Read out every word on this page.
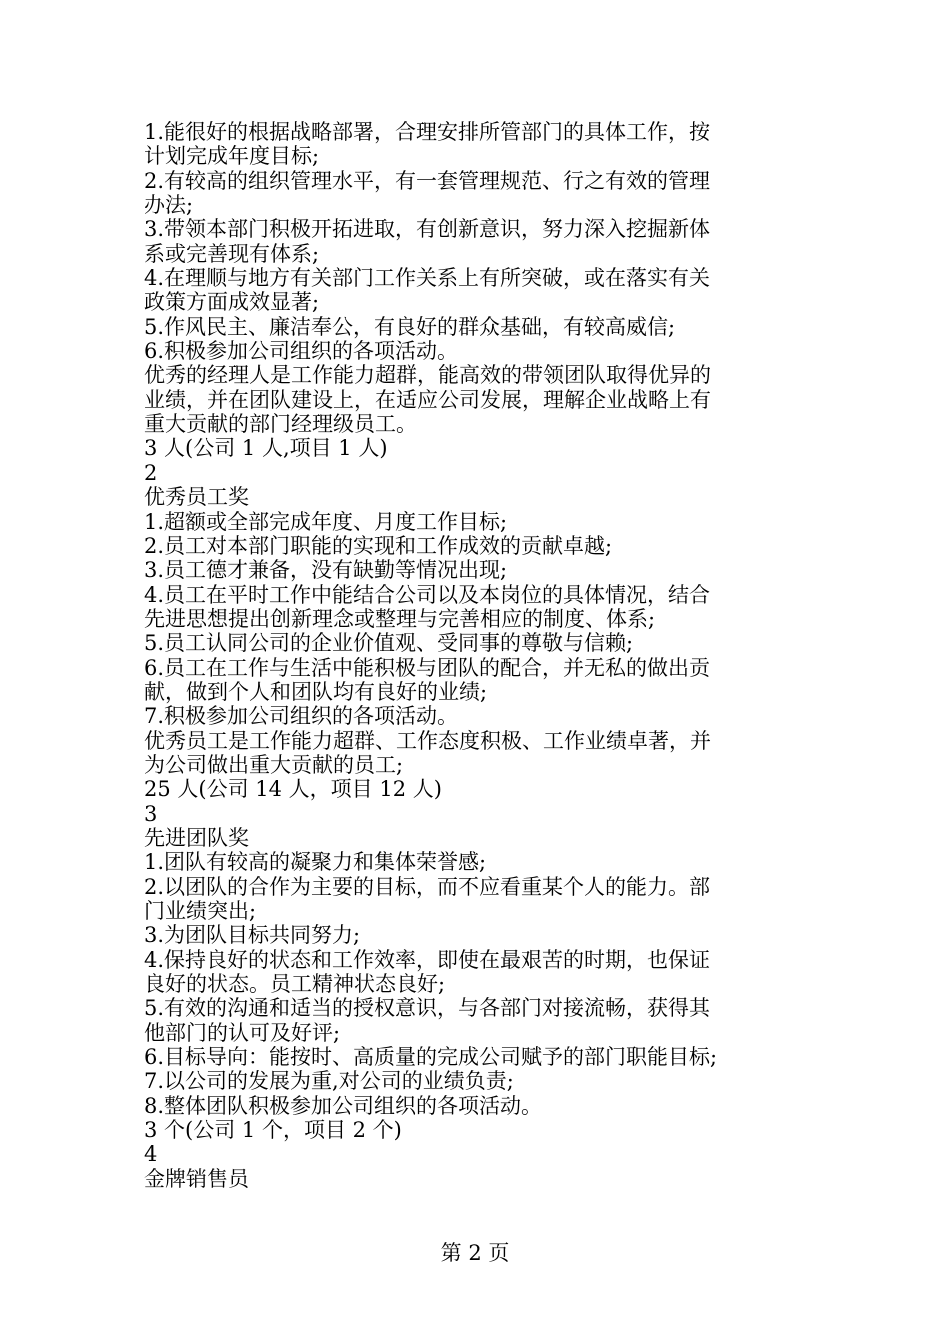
1.能很好的根据战略部署，合理安排所管部门的具体工作，按
计划完成年度目标;
2.有较高的组织管理水平，有一套管理规范、行之有效的管理
办法;
3.带领本部门积极开拓进取，有创新意识，努力深入挖掘新体
系或完善现有体系;
4.在理顺与地方有关部门工作关系上有所突破，或在落实有关
政策方面成效显著;
5.作风民主、廉洁奉公，有良好的群众基础，有较高威信;
6.积极参加公司组织的各项活动。
优秀的经理人是工作能力超群，能高效的带领团队取得优异的
业绩，并在团队建设上，在适应公司发展，理解企业战略上有
重大贡献的部门经理级员工。
3 人(公司 1 人,项目 1 人)
2
优秀员工奖
1.超额或全部完成年度、月度工作目标;
2.员工对本部门职能的实现和工作成效的贡献卓越;
3.员工德才兼备，没有缺勤等情况出现;
4.员工在平时工作中能结合公司以及本岗位的具体情况，结合
先进思想提出创新理念或整理与完善相应的制度、体系;
5.员工认同公司的企业价值观、受同事的尊敬与信赖;
6.员工在工作与生活中能积极与团队的配合，并无私的做出贡
献，做到个人和团队均有良好的业绩;
7.积极参加公司组织的各项活动。
优秀员工是工作能力超群、工作态度积极、工作业绩卓著，并
为公司做出重大贡献的员工;
25 人(公司 14 人，项目 12 人)
3
先进团队奖
1.团队有较高的凝聚力和集体荣誉感;
2.以团队的合作为主要的目标，而不应看重某个人的能力。部
门业绩突出;
3.为团队目标共同努力;
4.保持良好的状态和工作效率，即使在最艰苦的时期，也保证
良好的状态。员工精神状态良好;
5.有效的沟通和适当的授权意识，与各部门对接流畅，获得其
他部门的认可及好评;
6.目标导向：能按时、高质量的完成公司赋予的部门职能目标;
7.以公司的发展为重,对公司的业绩负责;
8.整体团队积极参加公司组织的各项活动。
3 个(公司 1 个，项目 2 个)
4
金牌销售员
第 2 页
